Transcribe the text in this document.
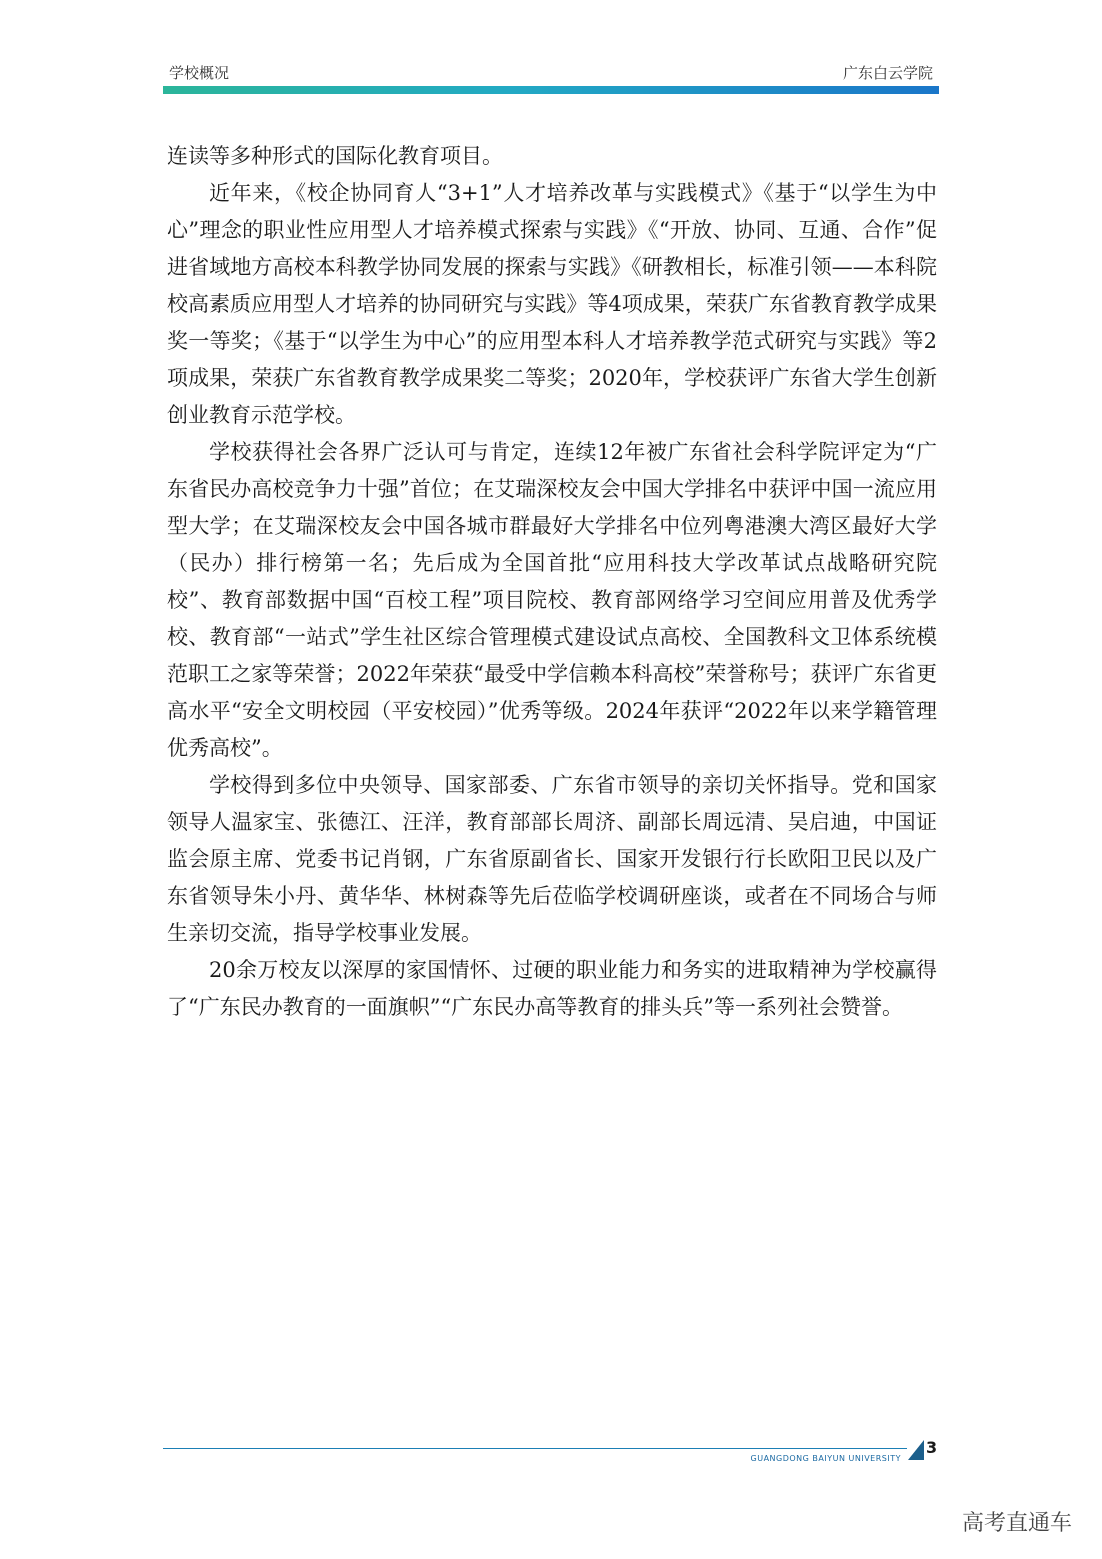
学校概况	广东白云学院

连读等多种形式的国际化教育项目。

近年来，《校企协同育人“3+1”人才培养改革与实践模式》《基于“以学生为中心”理念的职业性应用型人才培养模式探索与实践》《“开放、协同、互通、合作”促进省域地方高校本科教学协同发展的探索与实践》《研教相长，标准引领——本科院校高素质应用型人才培养的协同研究与实践》等4项成果，荣获广东省教育教学成果奖一等奖；《基于“以学生为中心”的应用型本科人才培养教学范式研究与实践》等2项成果，荣获广东省教育教学成果奖二等奖；2020年，学校获评广东省大学生创新创业教育示范学校。

学校获得社会各界广泛认可与肯定，连续12年被广东省社会科学院评定为“广东省民办高校竞争力十强”首位；在艾瑞深校友会中国大学排名中获评中国一流应用型大学；在艾瑞深校友会中国各城市群最好大学排名中位列粤港澳大湾区最好大学（民办）排行榜第一名；先后成为全国首批“应用科技大学改革试点战略研究院校”、教育部数据中国“百校工程”项目院校、教育部网络学习空间应用普及优秀学校、教育部“一站式”学生社区综合管理模式建设试点高校、全国教科文卫体系统模范职工之家等荣誉；2022年荣获“最受中学信赖本科高校”荣誉称号；获评广东省更高水平“安全文明校园（平安校园）”优秀等级。2024年获评“2022年以来学籍管理优秀高校”。

学校得到多位中央领导、国家部委、广东省市领导的亲切关怀指导。党和国家领导人温家宝、张德江、汪洋，教育部部长周济、副部长周远清、吴启迪，中国证监会原主席、党委书记肖钢，广东省原副省长、国家开发银行行长欧阳卫民以及广东省领导朱小丹、黄华华、林树森等先后莅临学校调研座谈，或者在不同场合与师生亲切交流，指导学校事业发展。

20余万校友以深厚的家国情怀、过硬的职业能力和务实的进取精神为学校赢得了“广东民办教育的一面旗帜”“广东民办高等教育的排头兵”等一系列社会赞誉。

GUANGDONG BAIYUN UNIVERSITY
3
高考直通车
